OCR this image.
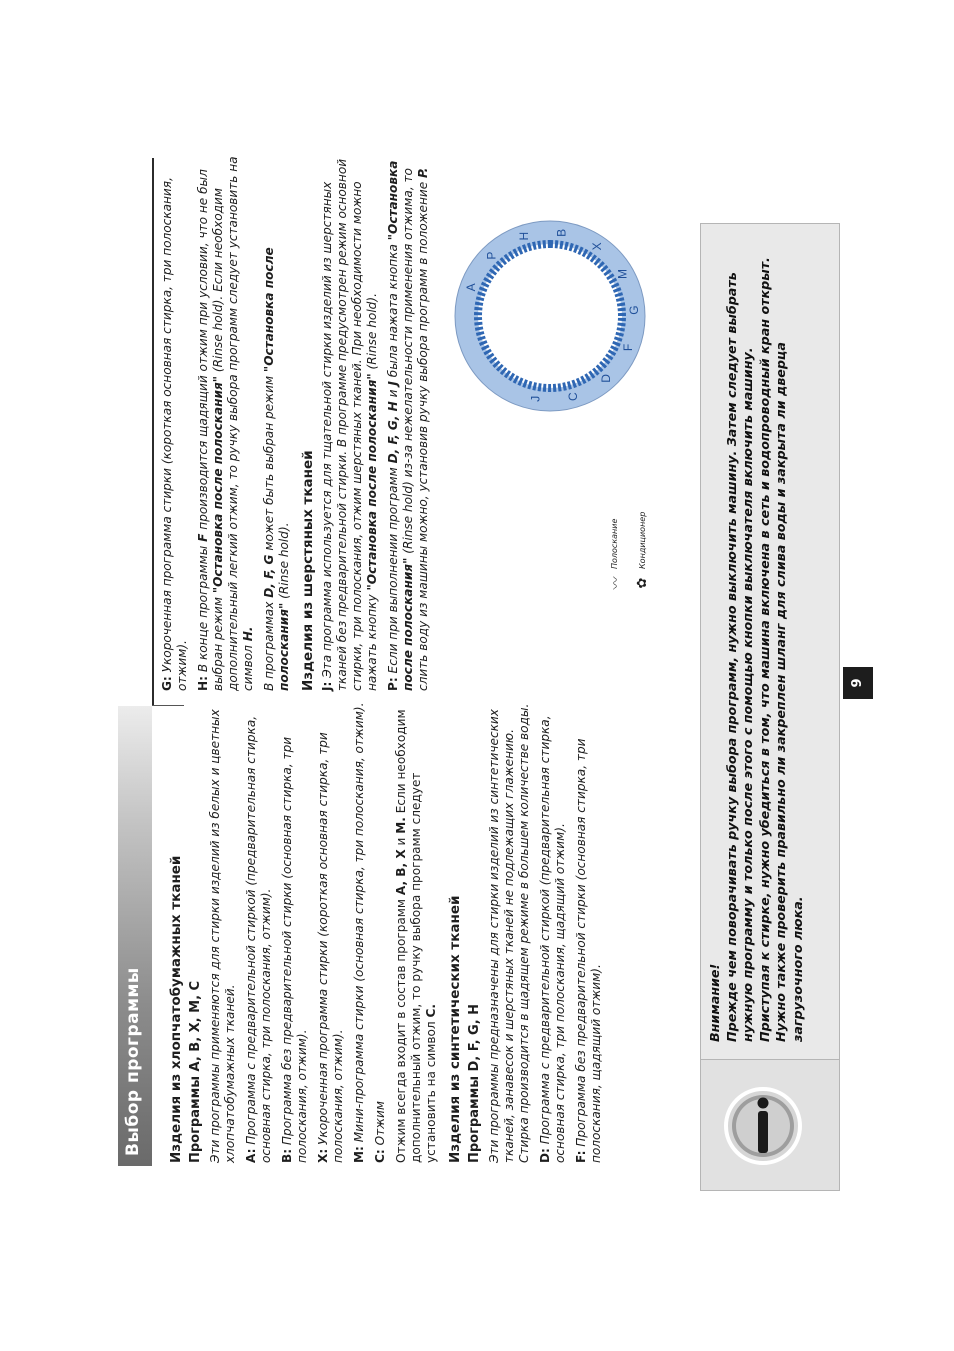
Выбор программы Изделия из хлопчатобумажных тканей Программы A, B, X, M, C Эти программы применяются для стирки изделий из белых и цветных хлопчатобумажных тканей. A: Программа с предварительной стиркой (предварительная стирка, основная стирка, три полоскания, отжим). B: Программа без предварительной стирки (основная стирка, три полоскания, отжим). X: Укороченная программа стирки (короткая основная стирка, три полоскания, отжим). M: Мини-программа стирки (основная стирка, три полоскания, отжим).

C: Отжим Отжим всегда входит в состав программ A, B, X и M. Если необходим дополнительный отжим, то ручку выбора программ следует установить на символ C. Изделия из синтетических тканей Программы D, F, G, H Эти программы предназначены для стирки изделий из синтетических тканей, занавесок и шерстяных тканей не подлежащих глажению. Стирка производится в щадящем режиме в большем количестве воды. D: Программа с предварительной стиркой (предварительная стирка, основная стирка, три полоскания, щадящий отжим). F: Программа без предварительной стирки (основная стирка, три полоскания, щадящий отжим).

G: Укороченная программа стирки (короткая основная стирка, три полоскания, отжим). H: В конце программы F производится щадящий отжим при условии, что не был выбран режим "Остановка после полоскания" (Rinse hold). Если необходим дополнительный легкий отжим, то ручку выбора программ следует установить на символ H. В программах D, F, G может быть выбран режим "Остановка после полоскания" (Rinse hold). Изделия из шерстяных тканей J: Эта программа используется для тщательной стирки изделий из шерстяных тканей без предварительной стирки. В программе предусмотрен режим основной стирки, три полоскания, отжим шерстяных тканей. При необходимости можно нажать кнопку "Остановка после полоскания" (Rinse hold).

P: Если при выполнении программ D, F, G, H и J была нажата кнопка "Остановка после полоскания" (Rinse hold) из-за нежелательности применения отжима, то слить воду из машины можно, установив ручку выбора программ в положение P.

〰
Полоскание
✿
Кондиционер
A
P
H B
X
M
G
F
D
C
J

Внимание! Прежде чем поворачивать ручку выбора программ, нужно выключить машину. Затем следует выбрать нужную программу и только после этого с помощью кнопки выключателя включить машину. Приступая к стирке, нужно убедиться в том, что машина включена в сеть и водопроводный кран открыт. Нужно также проверить правильно ли закреплен шланг для слива воды и закрыта ли дверца загрузочного люка.

9
